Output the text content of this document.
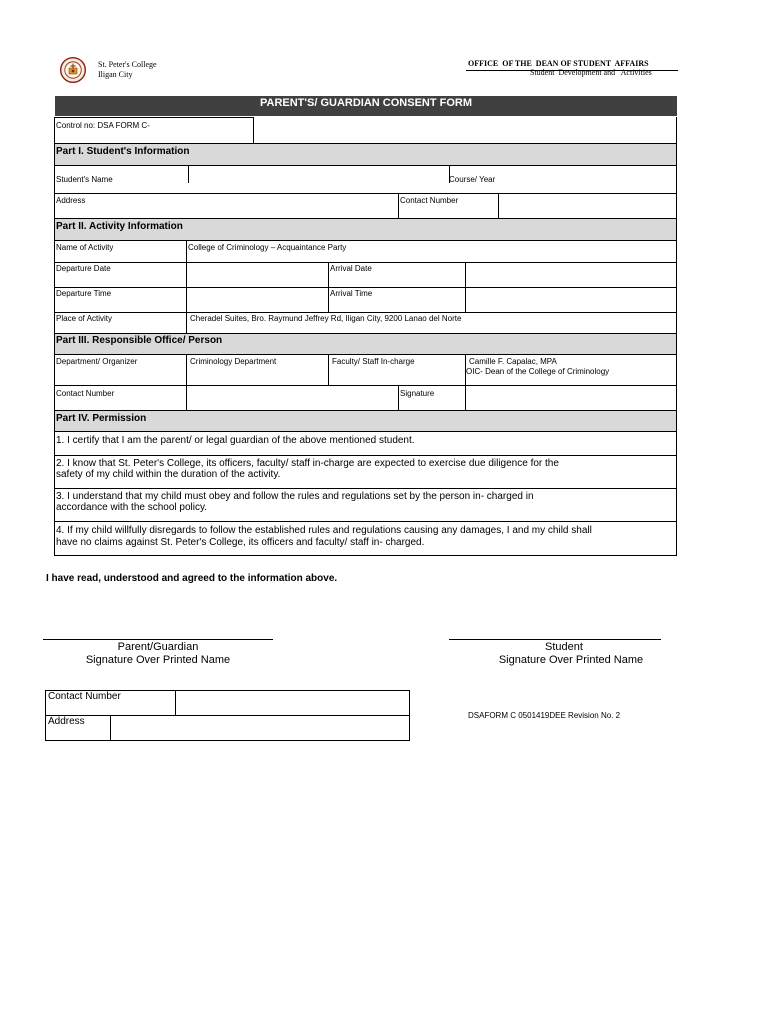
St. Peter's College
Iligan City
OFFICE  OF THE  DEAN OF STUDENT  AFFAIRS
Student  Development and   Activities
PARENT'S/ GUARDIAN CONSENT FORM
Control no: DSA FORM C-
Part I. Student's Information
Student's Name	Course/ Year
Address	Contact Number
Part II. Activity Information
Name of Activity	College of Criminology – Acquaintance Party
Departure Date	Arrival Date
Departure Time	Arrival Time
Place of Activity	Cheradel Suites, Bro. Raymund Jeffrey Rd, Iligan City, 9200 Lanao del Norte
Part III. Responsible Office/ Person
Department/ Organizer	Criminology Department	Faculty/ Staff In-charge	Camille F. Capalac, MPA
OIC- Dean of the College of Criminology
Contact Number	Signature
Part IV. Permission
1. I certify that I am the parent/ or legal guardian of the above mentioned student.
2. I know that St. Peter's College, its officers, faculty/ staff in-charge are expected to exercise due diligence for the
safety of my child within the duration of the activity.
3. I understand that my child must obey and follow the rules and regulations set by the person in- charged in
accordance with the school policy.
4. If my child willfully disregards to follow the established rules and regulations causing any damages, I and my child shall
have no claims against St. Peter's College, its officers and faculty/ staff in- charged.
I have read, understood and agreed to the information above.
Parent/Guardian
Signature Over Printed Name
Student
Signature Over Printed Name
Contact Number
Address
DSAFORM C 0501419DEE Revision No. 2
